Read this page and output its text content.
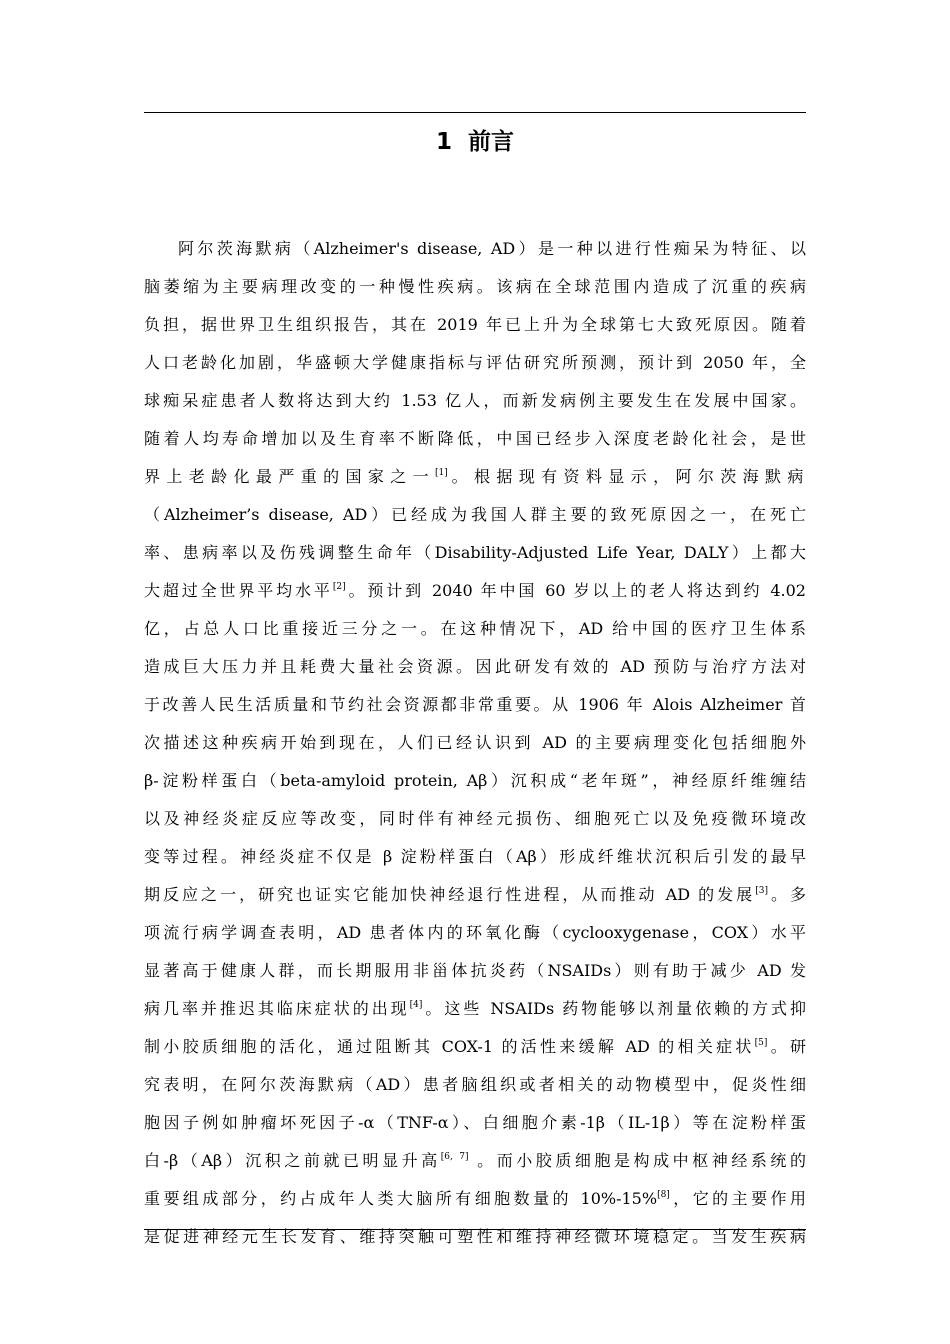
1 前言
阿尔茨海默病（Alzheimer's disease, AD）是一种以进行性痴呆为特征、以
脑萎缩为主要病理改变的一种慢性疾病。该病在全球范围内造成了沉重的疾病
负担，据世界卫生组织报告，其在 2019 年已上升为全球第七大致死原因。随着
人口老龄化加剧，华盛顿大学健康指标与评估研究所预测，预计到 2050 年，全
球痴呆症患者人数将达到大约 1.53 亿人，而新发病例主要发生在发展中国家。
随着人均寿命增加以及生育率不断降低，中国已经步入深度老龄化社会，是世
界上老龄化最严重的国家之一[1]。根据现有资料显示，阿尔茨海默病
（Alzheimer’s disease, AD）已经成为我国人群主要的致死原因之一，在死亡
率、患病率以及伤残调整生命年（Disability-Adjusted Life Year, DALY）上都大
大超过全世界平均水平[2]。预计到 2040 年中国 60 岁以上的老人将达到约 4.02
亿，占总人口比重接近三分之一。在这种情况下，AD 给中国的医疗卫生体系
造成巨大压力并且耗费大量社会资源。因此研发有效的 AD 预防与治疗方法对
于改善人民生活质量和节约社会资源都非常重要。从 1906 年 Alois Alzheimer 首
次描述这种疾病开始到现在，人们已经认识到 AD 的主要病理变化包括细胞外
β-淀粉样蛋白（beta-amyloid protein, Aβ）沉积成“老年斑”，神经原纤维缠结
以及神经炎症反应等改变，同时伴有神经元损伤、细胞死亡以及免疫微环境改
变等过程。神经炎症不仅是 β 淀粉样蛋白（Aβ）形成纤维状沉积后引发的最早
期反应之一，研究也证实它能加快神经退行性进程，从而推动 AD 的发展[3]。多
项流行病学调查表明，AD 患者体内的环氧化酶（cyclooxygenase，COX）水平
显著高于健康人群，而长期服用非甾体抗炎药（NSAIDs）则有助于减少 AD 发
病几率并推迟其临床症状的出现[4]。这些 NSAIDs 药物能够以剂量依赖的方式抑
制小胶质细胞的活化，通过阻断其 COX-1 的活性来缓解 AD 的相关症状[5]。研
究表明，在阿尔茨海默病（AD）患者脑组织或者相关的动物模型中，促炎性细
胞因子例如肿瘤坏死因子-α（TNF-α）、白细胞介素-1β（IL-1β）等在淀粉样蛋
白-β（Aβ）沉积之前就已明显升高[6, 7] 。而小胶质细胞是构成中枢神经系统的
重要组成部分，约占成年人类大脑所有细胞数量的 10%-15%[8]，它的主要作用
是促进神经元生长发育、维持突触可塑性和维持神经微环境稳定。当发生疾病
